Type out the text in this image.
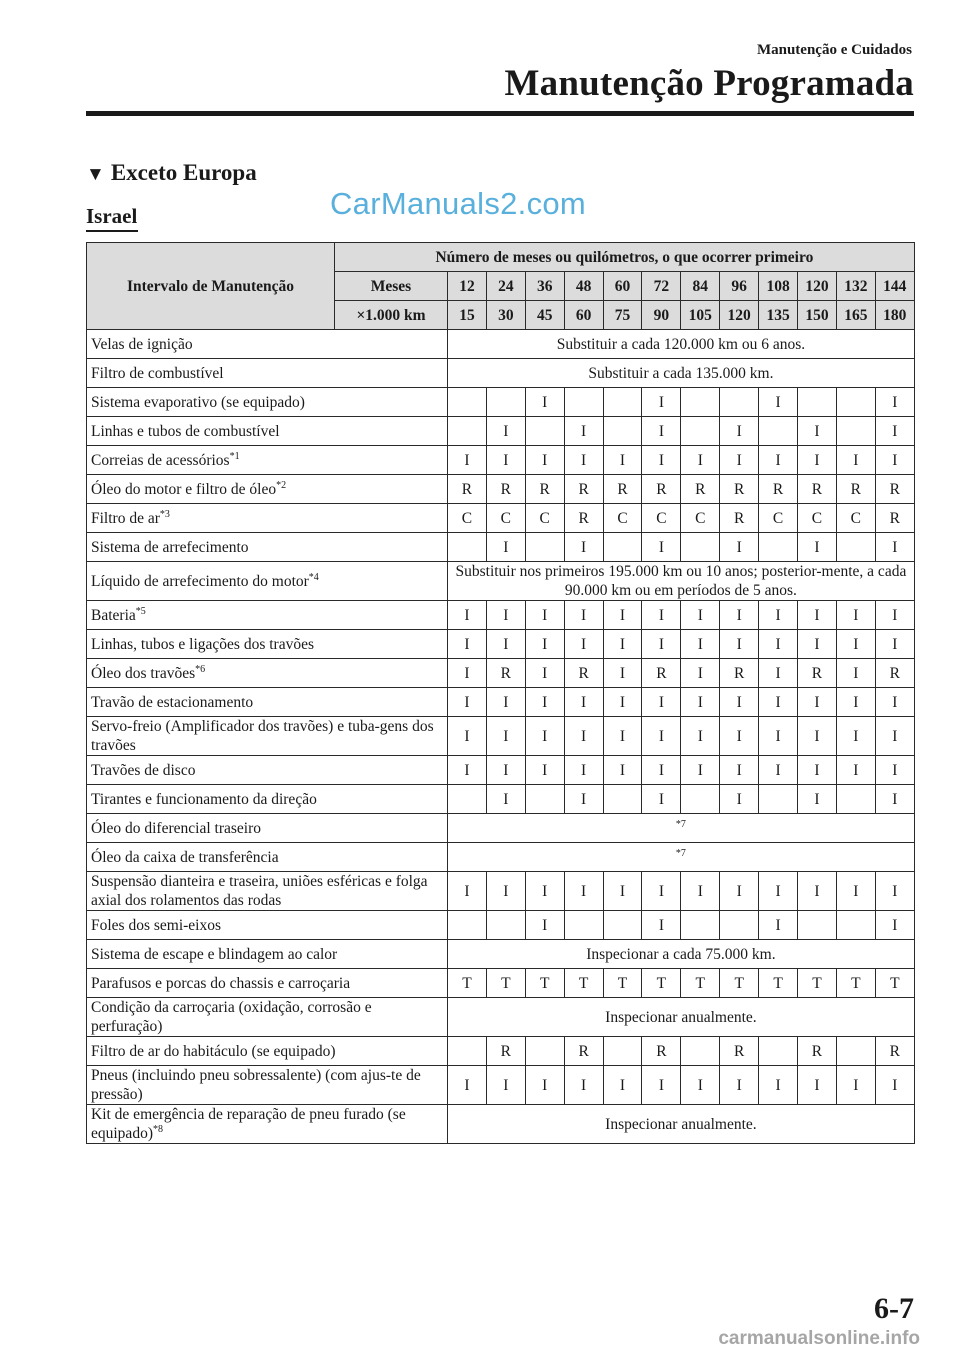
Manutenção e Cuidados
Manutenção Programada
▼ Exceto Europa
Israel	CarManuals2.com
Intervalo de Manutenção	Número de meses ou quilómetros, o que ocorrer primeiro												
	Meses	12	24	36	48	60	72	84	96	108	120	132	144
	×1.000 km	15	30	45	60	75	90	105	120	135	150	165	180
Velas de ignição		Substituir a cada 120.000 km ou 6 anos.											
Filtro de combustível		Substituir a cada 135.000 km.											
Sistema evaporativo (se equipado)				I			I			I			I
Linhas e tubos de combustível			I		I		I		I		I		I
Correias de acessórios$^{*1}$		I	I	I	I	I	I	I	I	I	I	I	I
Óleo do motor e filtro de óleo$^{*2}$		R	R	R	R	R	R	R	R	R	R	R	R
Filtro de $ar^{*3}$		C	C	C	R	C	C	C	R	C	C	C	R
Sistema de arrefecimento			I		I		I		I		I		I
Líquido de arrefecimento do motor$^{*4}$		Substituir nos primeiros 195.000 km ou 10 anos; posterior-mente, a cada 90.000 km ou em períodos de 5 anos.											
Bateria$^{*5}$		I	I	I	I	I	I	I	I	I	I	I	I
Linhas, tubos e ligações dos travões		I	I	I	I	I	I	I	I	I	I	I	I
Óleo dos travões$^{*6}$		I	R	I	R	I	R	I	R	I	R	I	R
Travão de estacionamento		I	I	I	I	I	I	I	I	I	I	I	I
Servo-freio (Amplificador dos travões) e tuba-gens dos travões		I	I	I	I	I	I	I	I	I	I	I	I
Travões de disco		I	I	I	I	I	I	I	I	I	I	I	I
Tirantes e funcionamento da direção			I		I		I		I		I		I
Óleo do diferencial traseiro		$^{*7}$
Óleo da caixa de transferência		$^{*7}$
Suspensão dianteira e traseira, uniões esféricas e folga axial dos rolamentos das rodas		I	I	I	I	I	I	I	I	I	I	I	I
Foles dos semi-eixos				I			I			I			I
Sistema de escape e blindagem ao calor		Inspecionar a cada 75.000 km.											
Parafusos e porcas do chassis e carroçaria		T	T	T	T	T	T	T	T	T	T	T	T
Condição da carroçaria (oxidação, corrosão e perfuração)		Inspecionar anualmente.											
Filtro de ar do habitáculo (se equipado)			R		R		R		R		R		R
Pneus (incluindo pneu sobressalente) (com ajus-te de pressão)		I	I	I	I	I	I	I	I	I	I	I	I
Kit de emergência de reparação de pneu furado (se equipado)$^{*8}$		Inspecionar anualmente.											
6-7
carmanualsonline.info
